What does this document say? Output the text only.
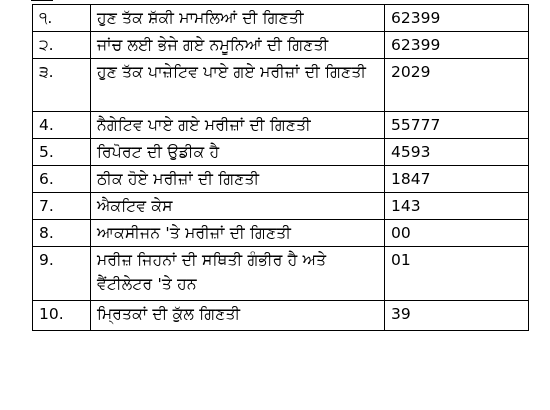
੧.	ਹੁਣ ਤੱਕ ਸ਼ੱਕੀ ਮਾਮਲਿਆਂ ਦੀ ਗਿਣਤੀ	62399
੨.	ਜਾਂਚ ਲਈ ਭੇਜੇ ਗਏ ਨਮੂਨਿਆਂ ਦੀ ਗਿਣਤੀ	62399
੩.	ਹੁਣ ਤੱਕ ਪਾਜ਼ੇਟਿਵ ਪਾਏ ਗਏ ਮਰੀਜ਼ਾਂ ਦੀ ਗਿਣਤੀ	2029
4.	ਨੈਗੇਟਿਵ ਪਾਏ ਗਏ ਮਰੀਜ਼ਾਂ ਦੀ ਗਿਣਤੀ	55777
5.	ਰਿਪੋਰਟ ਦੀ ਉਡੀਕ ਹੈ	4593
6.	ਠੀਕ ਹੋਏ ਮਰੀਜ਼ਾਂ ਦੀ ਗਿਣਤੀ	1847
7.	ਐਕਟਿਵ ਕੇਸ	143
8.	ਆਕਸੀਜਨ 'ਤੇ ਮਰੀਜ਼ਾਂ ਦੀ ਗਿਣਤੀ	00
9.	ਮਰੀਜ਼ ਜਿਹਨਾਂ ਦੀ ਸਥਿਤੀ ਗੰਭੀਰ ਹੈ ਅਤੇ ਵੈਂਟੀਲੇਟਰ 'ਤੇ ਹਨ	01
10.	ਮ੍ਰਿਤਕਾਂ ਦੀ ਕੁੱਲ ਗਿਣਤੀ	39
